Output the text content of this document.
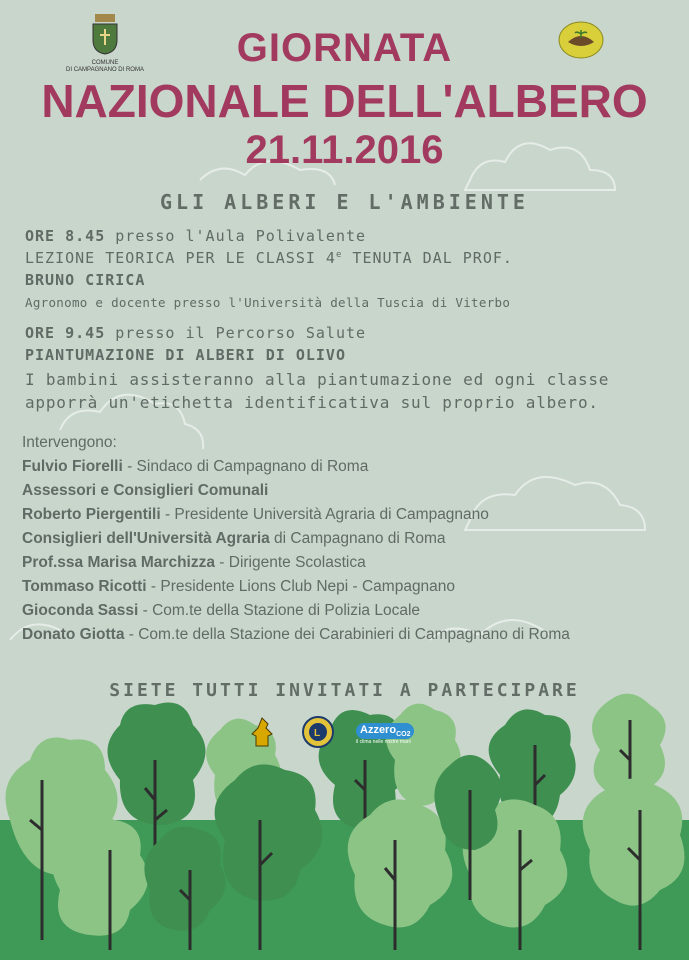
COMUNE
DI CAMPAGNANO DI ROMA	GIORNATA
NAZIONALE DELL'ALBERO
21.11.2016
GLI ALBERI E L'AMBIENTE
ORE 8.45 presso l'Aula Polivalente
LEZIONE TEORICA PER LE CLASSI 4e TENUTA DAL PROF.
BRUNO CIRICA
Agronomo e docente presso l'Università della Tuscia di Viterbo
ORE 9.45 presso il Percorso Salute
PIANTUMAZIONE DI ALBERI DI OLIVO
I bambini assisteranno alla piantumazione ed ogni classe
apporrà un'etichetta identificativa sul proprio albero.
Intervengono:
Fulvio Fiorelli - Sindaco di Campagnano di Roma
Assessori e Consiglieri Comunali
Roberto Piergentili - Presidente Università Agraria di Campagnano
Consiglieri dell'Università Agraria di Campagnano di Roma
Prof.ssa Marisa Marchizza - Dirigente Scolastica
Tommaso Ricotti - Presidente Lions Club Nepi - Campagnano
Gioconda Sassi - Com.te della Stazione di Polizia Locale
Donato Giotta - Com.te della Stazione dei Carabinieri di Campagnano di Roma
SIETE TUTTI INVITATI A PARTECIPARE
L	Azzero$_{CO2}$
il clima nelle nostre mani
